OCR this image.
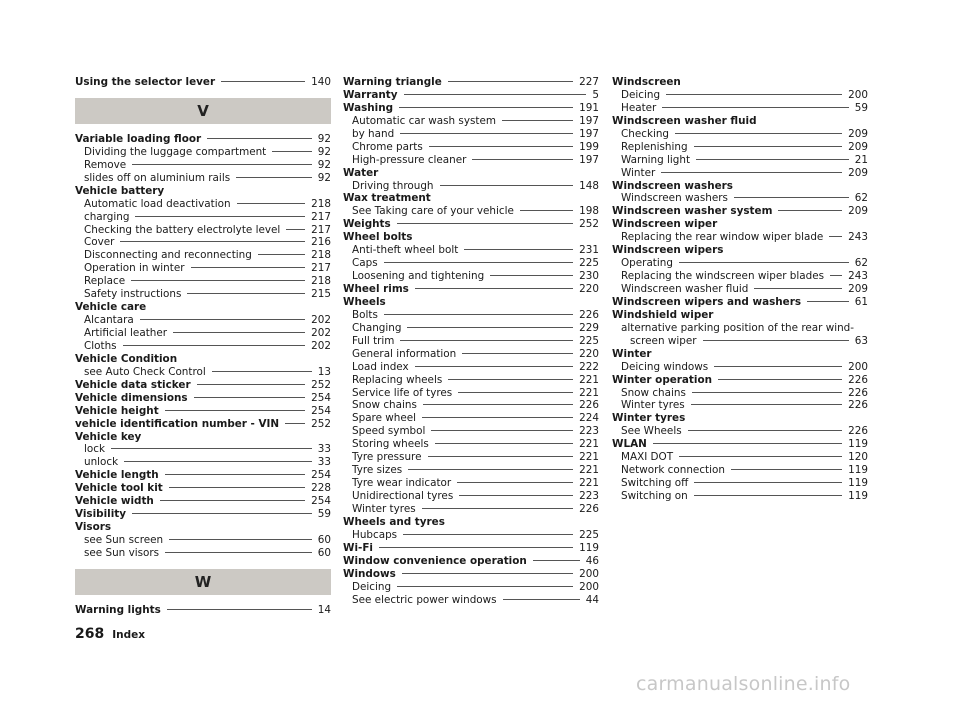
Using the selector lever	140
V
Variable loading floor	92
Dividing the luggage compartment	92
Remove	92
slides off on aluminium rails	92
Vehicle battery
Automatic load deactivation	218
charging	217
Checking the battery electrolyte level	217
Cover	216
Disconnecting and reconnecting	218
Operation in winter	217
Replace	218
Safety instructions	215
Vehicle care
Alcantara	202
Artificial leather	202
Cloths	202
Vehicle Condition
see Auto Check Control	13
Vehicle data sticker	252
Vehicle dimensions	254
Vehicle height	254
vehicle identification number - VIN	252
Vehicle key
lock	33
unlock	33
Vehicle length	254
Vehicle tool kit	228
Vehicle width	254
Visibility	59
Visors
see Sun screen	60
see Sun visors	60
W
Warning lights	14
Warning triangle	227
Warranty	5
Washing	191
Automatic car wash system	197
by hand	197
Chrome parts	199
High-pressure cleaner	197
Water
Driving through	148
Wax treatment
See Taking care of your vehicle	198
Weights	252
Wheel bolts
Anti-theft wheel bolt	231
Caps	225
Loosening and tightening	230
Wheel rims	220
Wheels
Bolts	226
Changing	229
Full trim	225
General information	220
Load index	222
Replacing wheels	221
Service life of tyres	221
Snow chains	226
Spare wheel	224
Speed symbol	223
Storing wheels	221
Tyre pressure	221
Tyre sizes	221
Tyre wear indicator	221
Unidirectional tyres	223
Winter tyres	226
Wheels and tyres
Hubcaps	225
Wi-Fi	119
Window convenience operation	46
Windows	200
Deicing	200
See electric power windows	44
Windscreen
Deicing	200
Heater	59
Windscreen washer fluid
Checking	209
Replenishing	209
Warning light	21
Winter	209
Windscreen washers
Windscreen washers	62
Windscreen washer system	209
Windscreen wiper
Replacing the rear window wiper blade 243
Windscreen wipers
Operating	62
Replacing the windscreen wiper blades 243
Windscreen washer fluid	209
Windscreen wipers and washers	61
Windshield wiper
alternative parking position of the rear wind-
screen wiper	63
Winter
Deicing windows	200
Winter operation	226
Snow chains	226
Winter tyres	226
Winter tyres
See Wheels	226
WLAN	119
MAXI DOT	120
Network connection	119
Switching off	119
Switching on	119
268 Index
carmanualsonline.info
